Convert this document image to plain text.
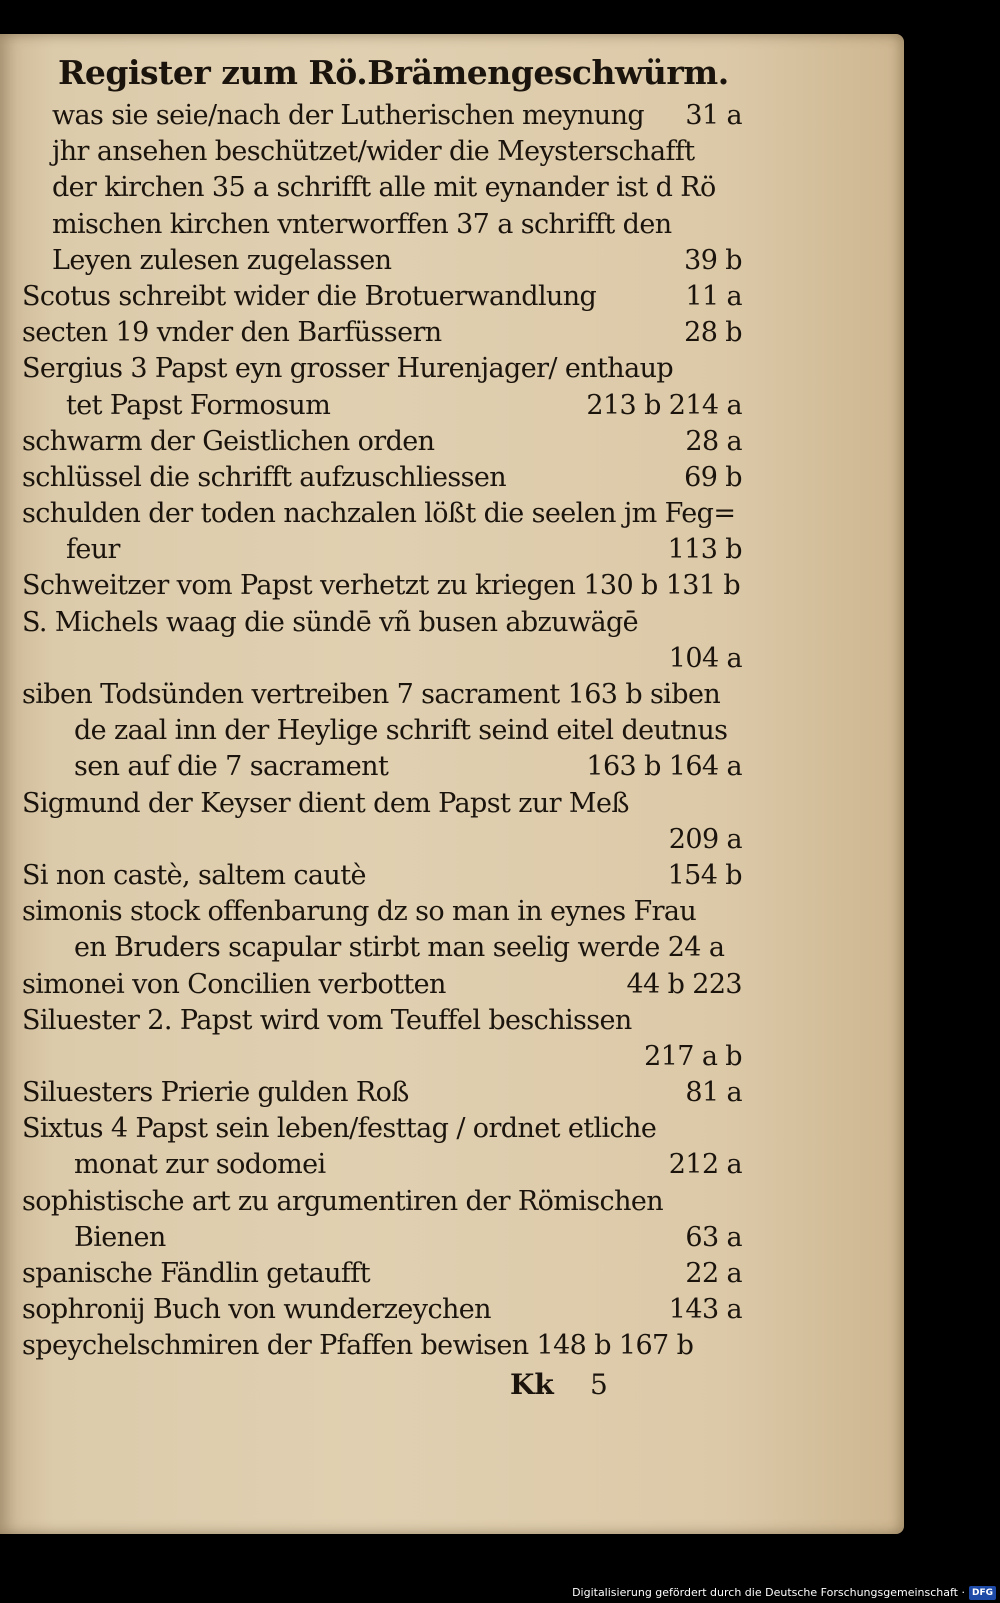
Register zum Rö.Brämengeschwürm.
was sie seie/nach der Lutherischen meynung 31 a
jhr ansehen beschützet/wider die Meysterschafft
der kirchen 35 a schrifft alle mit eynander ist d Rö
mischen kirchen vnterworffen 37 a schrifft den
Leyen zulesen zugelassen	39 b
Scotus schreibt wider die Brotuerwandlung	11 a
secten 19 vnder den Barfüssern	28 b
Sergius 3 Papst eyn grosser Hurenjager/ enthaup
tet Papst Formosum	213 b 214 a
schwarm der Geistlichen orden	28 a
schlüssel die schrifft aufzuschliessen	69 b
schulden der toden nachzalen lößt die seelen jm Feg=
feur	113 b
Schweitzer vom Papst verhetzt zu kriegen 130 b 131 b
S. Michels waag die sündē vñ busen abzuwägē
104 a
siben Todsünden vertreiben 7 sacrament 163 b siben
de zaal inn der Heylige schrift seind eitel deutnus
sen auf die 7 sacrament	163 b 164 a
Sigmund der Keyser dient dem Papst zur Meß
209 a
Si non castè, saltem cautè	154 b
simonis stock offenbarung dz so man in eynes Frau
en Bruders scapular stirbt man seelig werde 24 a
simonei von Concilien verbotten	44 b 223
Siluester 2. Papst wird vom Teuffel beschissen
217 a b
Siluesters Prierie gulden Roß	81 a
Sixtus 4 Papst sein leben/festtag / ordnet etliche
monat zur sodomei	212 a
sophistische art zu argumentiren der Römischen
Bienen	63 a
spanische Fändlin getaufft	22 a
sophronij Buch von wunderzeychen	143 a
speychelschmiren der Pfaffen bewisen 148 b 167 b
Kk 5
Digitalisierung gefördert durch die Deutsche Forschungsgemeinschaft · DFG
